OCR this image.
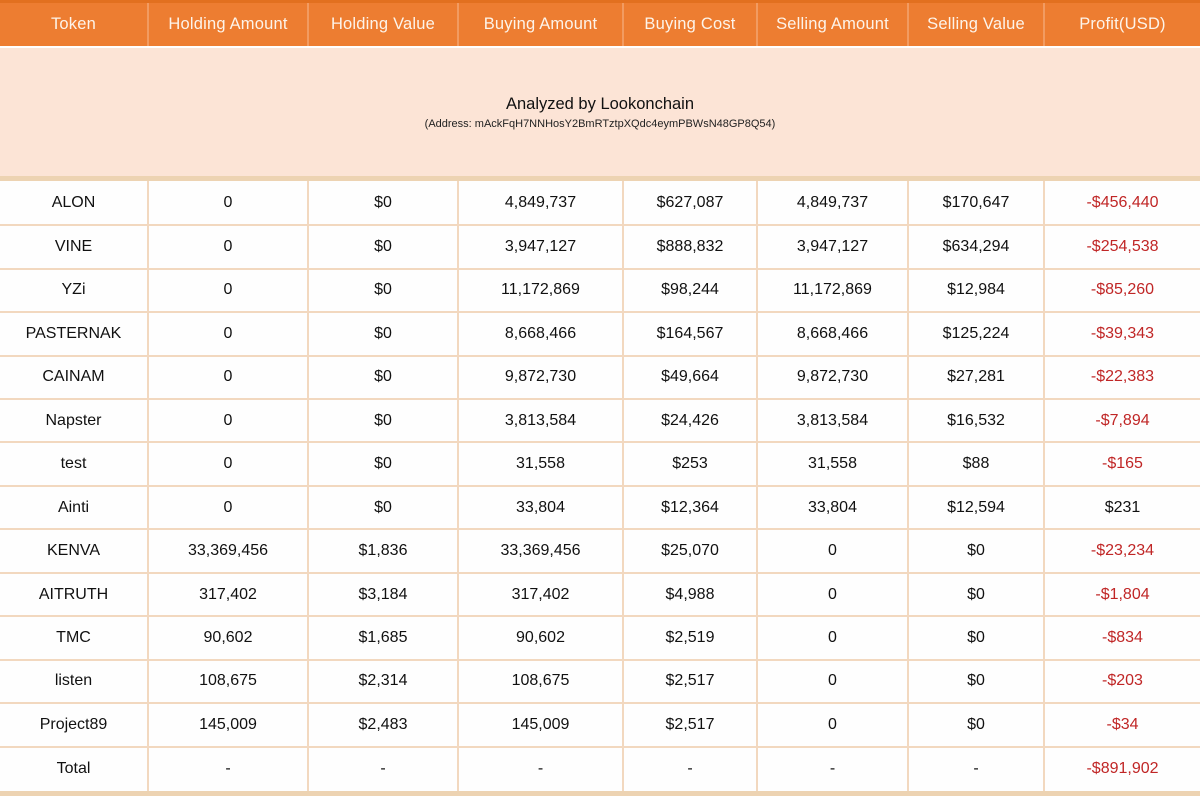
Token	Holding Amount	Holding Value	Buying Amount	Buying Cost	Selling Amount	Selling Value	Profit(USD)

Analyzed by Lookonchain
(Address: mAckFqH7NNHosY2BmRTztpXQdc4eymPBWsN48GP8Q54)							

ALON	0	$0	4,849,737	$627,087	4,849,737	$170,647	-$456,440
VINE	0	$0	3,947,127	$888,832	3,947,127	$634,294	-$254,538
YZi	0	$0	11,172,869	$98,244	11,172,869	$12,984	-$85,260
PASTERNAK	0	$0	8,668,466	$164,567	8,668,466	$125,224	-$39,343
CAINAM	0	$0	9,872,730	$49,664	9,872,730	$27,281	-$22,383
Napster	0	$0	3,813,584	$24,426	3,813,584	$16,532	-$7,894
test	0	$0	31,558	$253	31,558	$88	-$165
Ainti	0	$0	33,804	$12,364	33,804	$12,594	$231
KENVA	33,369,456	$1,836	33,369,456	$25,070	0	$0	-$23,234
AITRUTH	317,402	$3,184	317,402	$4,988	0	$0	-$1,804
TMC	90,602	$1,685	90,602	$2,519	0	$0	-$834
listen	108,675	$2,314	108,675	$2,517	0	$0	-$203
Project89	145,009	$2,483	145,009	$2,517	0	$0	-$34
Total	-	-	-	-	-	-	-$891,902
